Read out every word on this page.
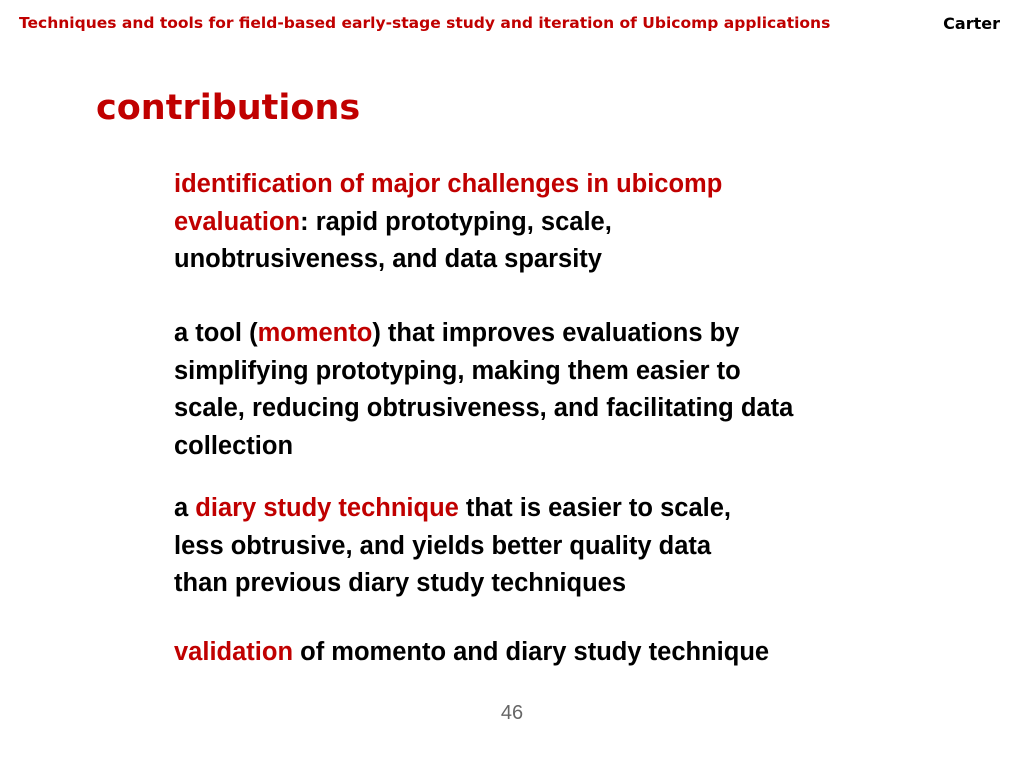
Techniques and tools for field-based early-stage study and iteration of Ubicomp applications	Carter
contributions
identification of major challenges in ubicomp
evaluation: rapid prototyping, scale,
unobtrusiveness, and data sparsity
a tool (momento) that improves evaluations by
simplifying prototyping, making them easier to
scale, reducing obtrusiveness, and facilitating data
collection
a diary study technique that is easier to scale,
less obtrusive, and yields better quality data
than previous diary study techniques
validation of momento and diary study technique
46
